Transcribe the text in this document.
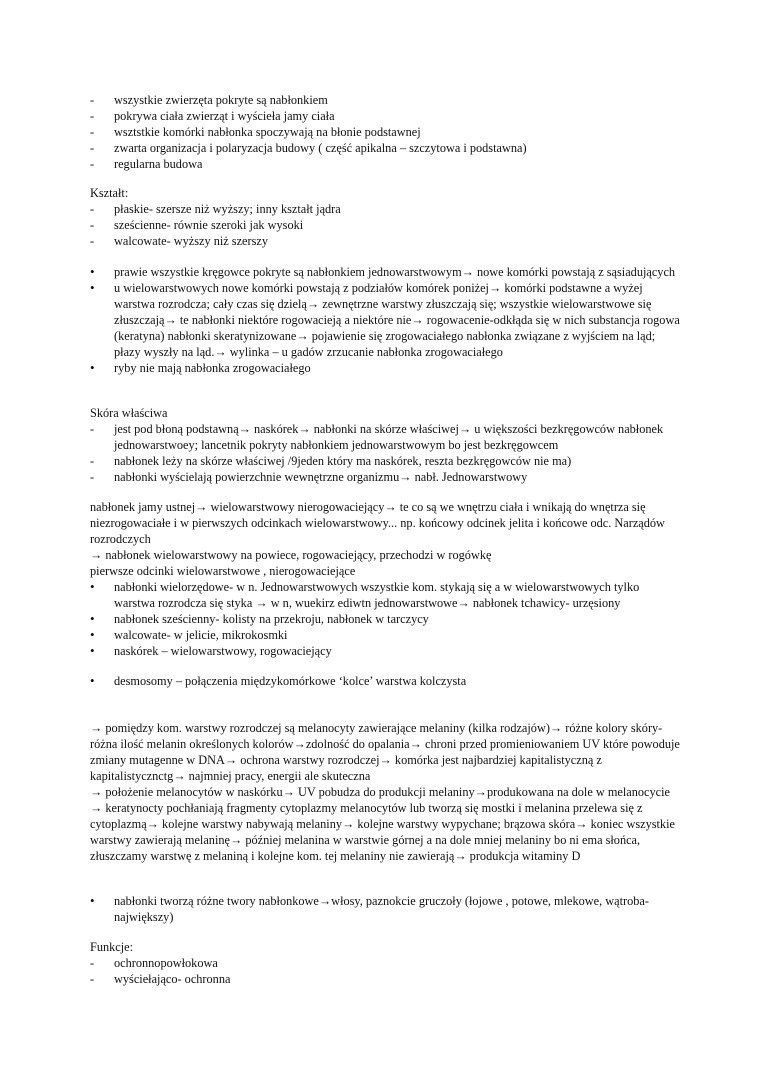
-
wszystkie zwierzęta pokryte są nabłonkiem
-
pokrywa ciała zwierząt i wyścieła jamy ciała
-
wsztstkie komórki nabłonka spoczywają na błonie podstawnej
-
zwarta organizacja i polaryzacja budowy ( część apikalna – szczytowa i podstawna)
-
regularna budowa

Kształt:

-
płaskie- szersze niż wyższy; inny kształt jądra
-
sześcienne- równie szeroki jak wysoki
-
walcowate- wyższy niż szerszy
•
prawie wszystkie kręgowce pokryte są nabłonkiem jednowarstwowym→ nowe komórki powstają z sąsiadujących
•
u wielowarstwowych nowe komórki powstają z podziałów komórek poniżej→ komórki podstawne a wyżej warstwa rozrodcza; cały czas się dzielą→ zewnętrzne warstwy złuszczają się; wszystkie wielowarstwowe się złuszczają→ te nabłonki niektóre rogowacieją a niektóre nie→ rogowacenie-odkłąda się w nich substancja rogowa (keratyna) nabłonki skeratynizowane→ pojawienie się zrogowaciałego nabłonka związane z wyjściem na ląd; płazy wyszły na ląd.→ wylinka – u gadów zrzucanie nabłonka zrogowaciałego
•
ryby nie mają nabłonka zrogowaciałego

Skóra właściwa

-
jest pod błoną podstawną→ naskórek→ nabłonki na skórze właściwej→ u większości bezkręgowców nabłonek jednowarstwoey; lancetnik pokryty nabłonkiem jednowarstwowym bo jest bezkręgowcem
-
nabłonek leży na skórze właściwej /9jeden który ma naskórek, reszta bezkręgowców nie ma)
-
nabłonki wyścielają powierzchnie wewnętrzne organizmu→ nabł. Jednowarstwowy

nabłonek jamy ustnej→ wielowarstwowy nierogowaciejący→ te co są we wnętrzu ciała i wnikają do wnętrza się niezrogowaciałe i w pierwszych odcinkach wielowarstwowy... np. końcowy odcinek jelita i końcowe odc. Narządów rozrodczych

→ nabłonek wielowarstwowy na powiece, rogowaciejący, przechodzi w rogówkę

pierwsze odcinki wielowarstwowe , nierogowaciejące

•
nabłonki wielorzędowe- w n. Jednowarstwowych wszystkie kom. stykają się a w wielowarstwowych tylko warstwa rozrodcza się styka → w n, wuekirz ediwtn jednowarstwowe→ nabłonek tchawicy- urzęsiony
•
nabłonek sześcienny- kolisty na przekroju, nabłonek w tarczycy
•
walcowate- w jelicie, mikrokosmki
•
naskórek – wielowarstwowy, rogowaciejący
•
desmosomy – połączenia międzykomórkowe ‘kolce’ warstwa kolczysta

→ pomiędzy kom. warstwy rozrodczej są melanocyty zawierające melaniny (kilka rodzajów)→ różne kolory skóry- różna ilość melanin określonych kolorów→zdolność do opalania→ chroni przed promieniowaniem UV które powoduje zmiany mutagenne w DNA→ ochrona warstwy rozrodczej→ komórka jest najbardziej kapitalistyczną z kapitalistycznctg→ najmniej pracy, energii ale skuteczna

→ położenie melanocytów w naskórku→ UV pobudza do produkcji melaniny→produkowana na dole w melanocycie → keratynocty pochłaniają fragmenty cytoplazmy melanocytów lub tworzą się mostki i melanina przelewa się z cytoplazmą→ kolejne warstwy nabywają melaniny→ kolejne warstwy wypychane; brązowa skóra→ koniec wszystkie warstwy zawierają melaninę→ później melanina w warstwie górnej a na dole mniej melaniny bo ni ema słońca, złuszczamy warstwę z melaniną i kolejne kom. tej melaniny nie zawierają→ produkcja witaminy D

•
nabłonki tworzą różne twory nabłonkowe→włosy, paznokcie gruczoły (łojowe , potowe, mlekowe, wątroba-największy)

Funkcje:

-
ochronnopowłokowa
-
wyściełająco- ochronna
